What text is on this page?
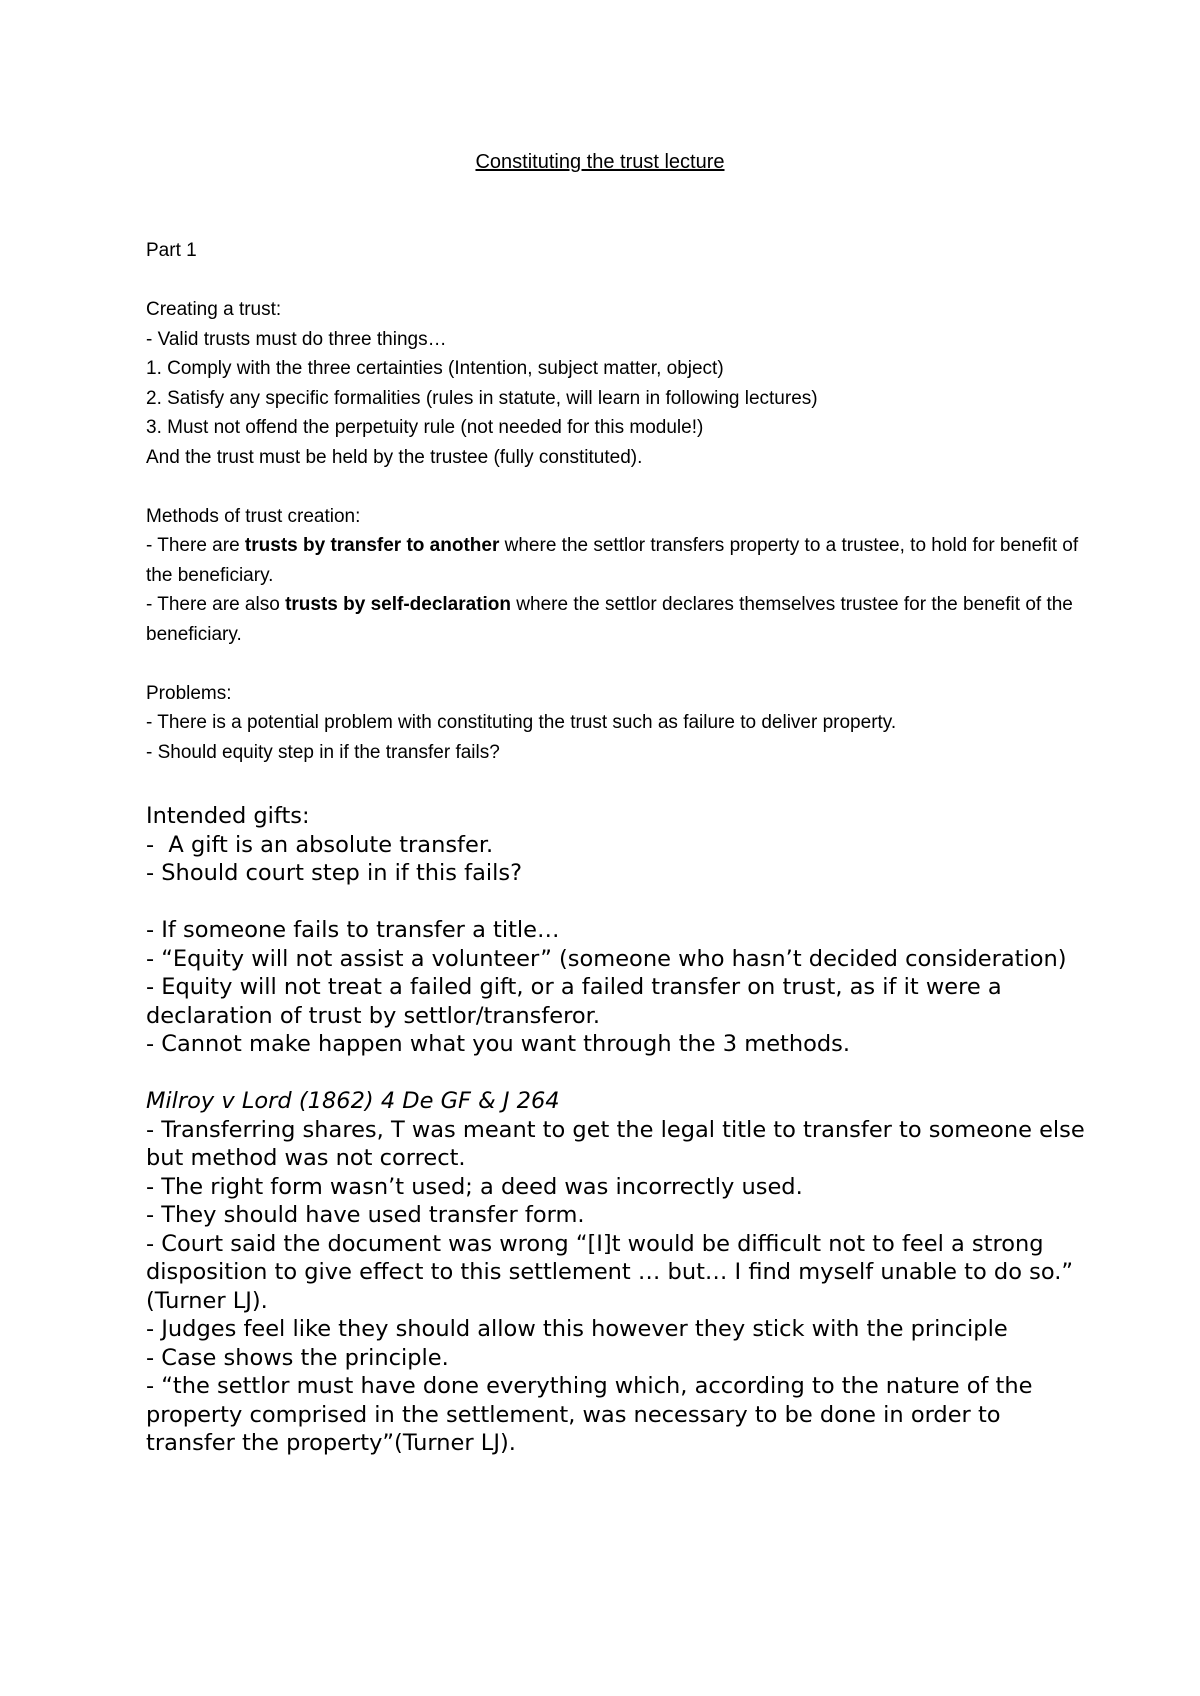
Constituting the trust lecture
Part 1
Creating a trust:
- Valid trusts must do three things…
1. Comply with the three certainties (Intention, subject matter, object)
2. Satisfy any specific formalities (rules in statute, will learn in following lectures)
3. Must not offend the perpetuity rule (not needed for this module!)
And the trust must be held by the trustee (fully constituted).
Methods of trust creation:
- There are trusts by transfer to another where the settlor transfers property to a trustee, to hold for benefit of the beneficiary.
- There are also trusts by self-declaration where the settlor declares themselves trustee for the benefit of the beneficiary.
Problems:
- There is a potential problem with constituting the trust such as failure to deliver property.
- Should equity step in if the transfer fails?
Intended gifts:
-  A gift is an absolute transfer.
- Should court step in if this fails?
- If someone fails to transfer a title…
- “Equity will not assist a volunteer” (someone who hasn’t decided consideration)
- Equity will not treat a failed gift, or a failed transfer on trust, as if it were a declaration of trust by settlor/transferor.
- Cannot make happen what you want through the 3 methods.
Milroy v Lord (1862) 4 De GF & J 264
- Transferring shares, T was meant to get the legal title to transfer to someone else but method was not correct.
- The right form wasn’t used; a deed was incorrectly used.
- They should have used transfer form.
- Court said the document was wrong “[I]t would be difficult not to feel a strong disposition to give effect to this settlement … but… I find myself unable to do so.” (Turner LJ).
- Judges feel like they should allow this however they stick with the principle
- Case shows the principle.
- “the settlor must have done everything which, according to the nature of the property comprised in the settlement, was necessary to be done in order to transfer the property”(Turner LJ).
